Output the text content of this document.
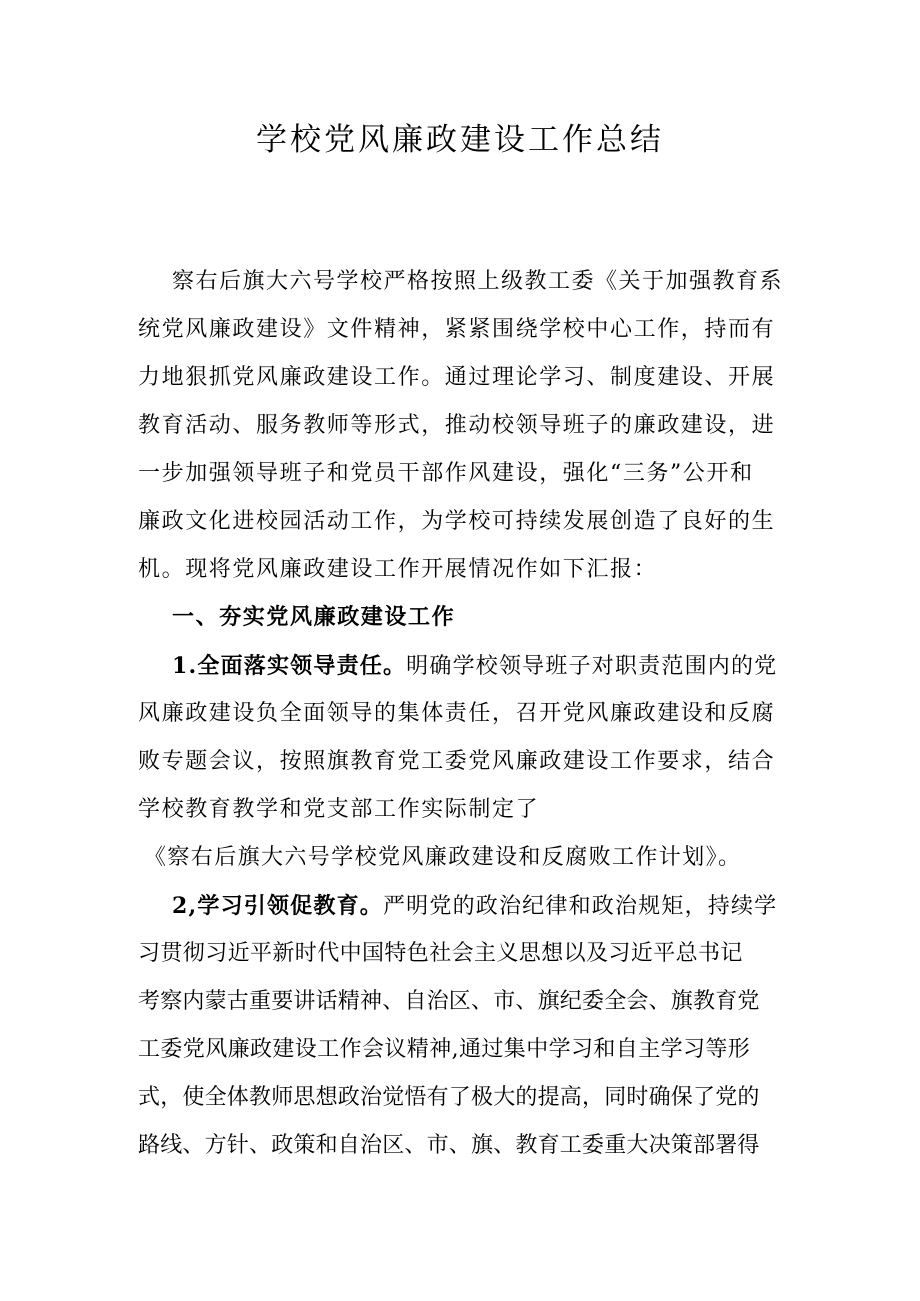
学校党风廉政建设工作总结
察右后旗大六号学校严格按照上级教工委《关于加强教育系
统党风廉政建设》文件精神，紧紧围绕学校中心工作，持而有
力地狠抓党风廉政建设工作。通过理论学习、制度建设、开展
教育活动、服务教师等形式，推动校领导班子的廉政建设，进
一步加强领导班子和党员干部作风建设，强化“三务”公开和
廉政文化进校园活动工作，为学校可持续发展创造了良好的生
机。现将党风廉政建设工作开展情况作如下汇报：
一、夯实党风廉政建设工作
1.全面落实领导责任。明确学校领导班子对职责范围内的党
风廉政建设负全面领导的集体责任，召开党风廉政建设和反腐
败专题会议，按照旗教育党工委党风廉政建设工作要求，结合
学校教育教学和党支部工作实际制定了
《察右后旗大六号学校党风廉政建设和反腐败工作计划》。
2,学习引领促教育。严明党的政治纪律和政治规矩，持续学
习贯彻习近平新时代中国特色社会主义思想以及习近平总书记
考察内蒙古重要讲话精神、自治区、市、旗纪委全会、旗教育党
工委党风廉政建设工作会议精神,通过集中学习和自主学习等形
式，使全体教师思想政治觉悟有了极大的提高，同时确保了党的
路线、方针、政策和自治区、市、旗、教育工委重大决策部署得
